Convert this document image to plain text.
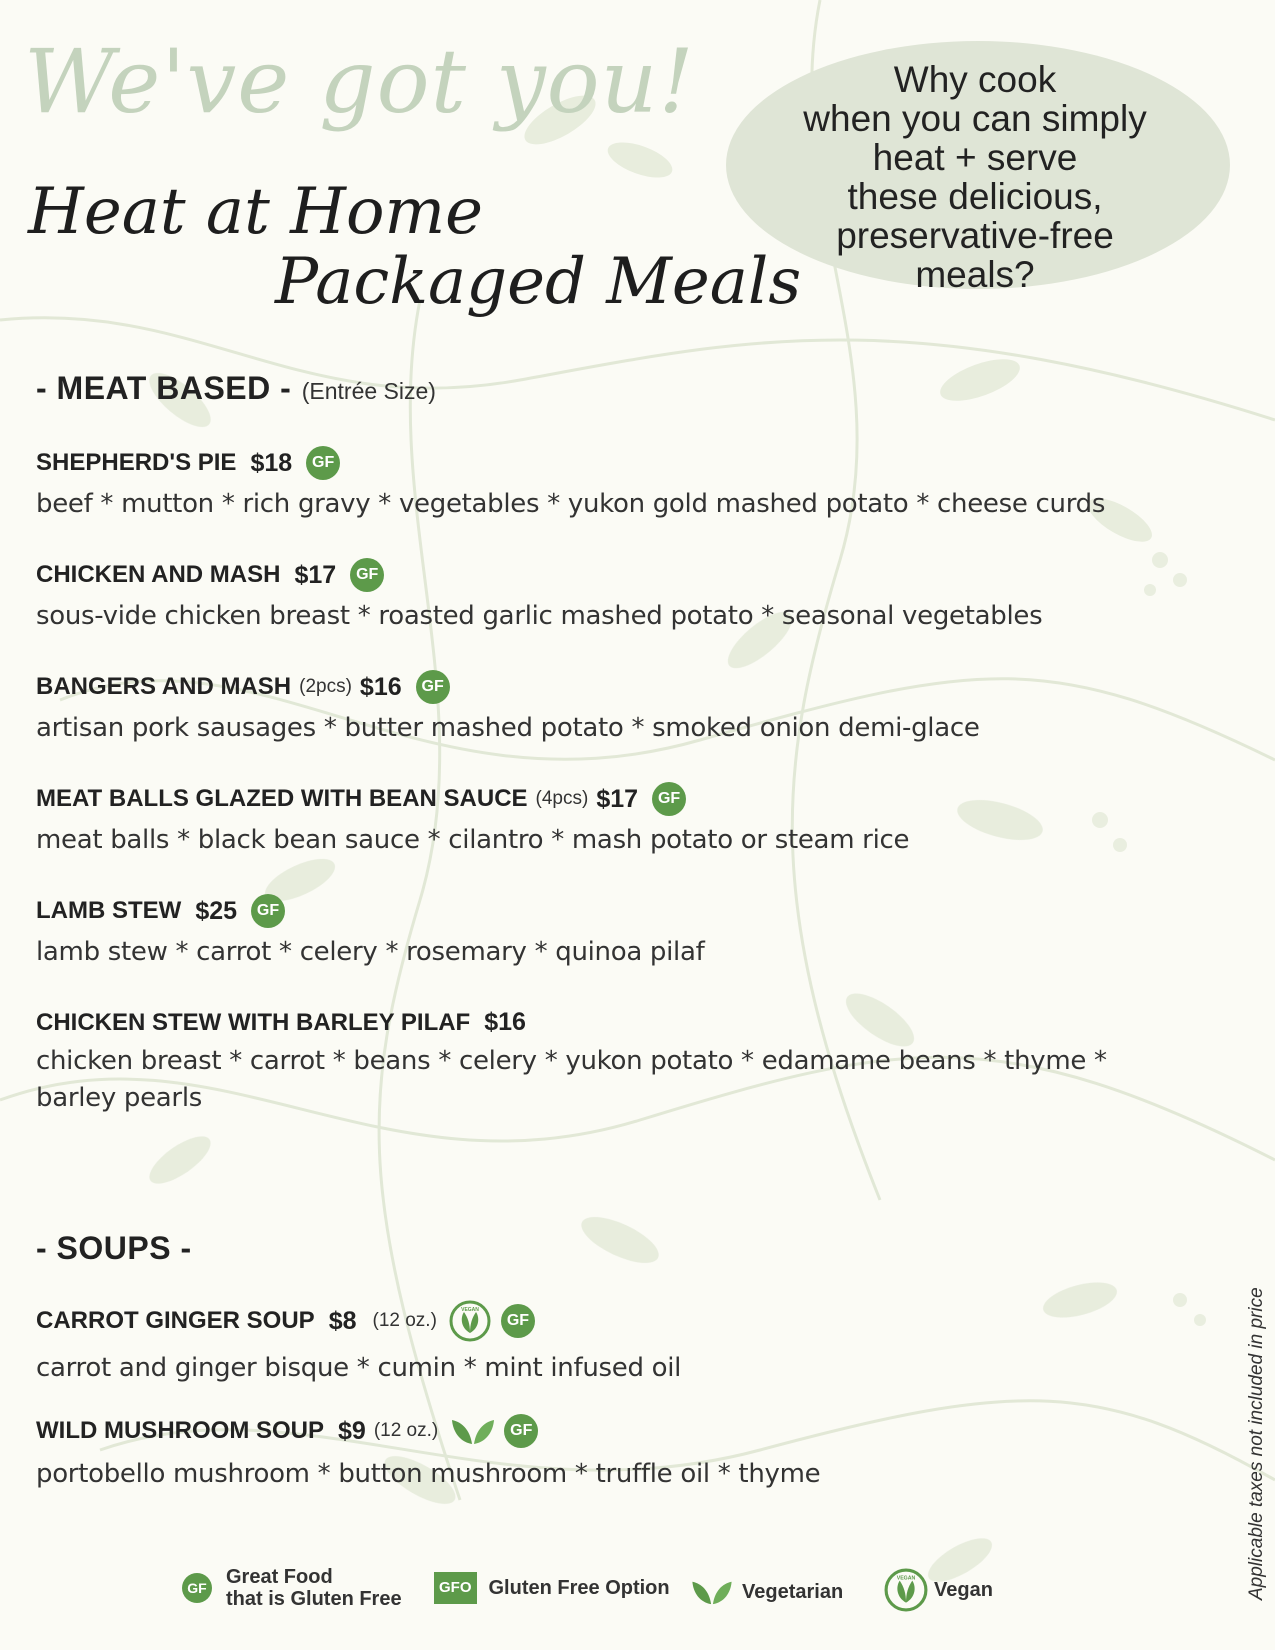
We've got you!
Heat at Home
Packaged Meals
Why cook
when you can simply
heat + serve
these delicious,
preservative-free
meals?
- MEAT BASED - (Entrée Size)
SHEPHERD'S PIE $18	GF
beef * mutton * rich gravy * vegetables * yukon gold mashed potato * cheese curds
CHICKEN AND MASH $17	GF
sous-vide chicken breast * roasted garlic mashed potato * seasonal vegetables
BANGERS AND MASH (2pcs) $16	GF
artisan pork sausages * butter mashed potato * smoked onion demi-glace
MEAT BALLS GLAZED WITH BEAN SAUCE (4pcs) $17	GF
meat balls * black bean sauce * cilantro * mash potato or steam rice
LAMB STEW $25	GF
lamb stew * carrot * celery * rosemary * quinoa pilaf
CHICKEN STEW WITH BARLEY PILAF $16
chicken breast * carrot * beans * celery * yukon potato * edamame beans * thyme * barley pearls
- SOUPS -
CARROT GINGER SOUP $8 (12 oz.)	VEGAN
GF
carrot and ginger bisque * cumin * mint infused oil
WILD MUSHROOM SOUP $9 (12 oz.)	GF
portobello mushroom * button mushroom * truffle oil * thyme	Applicable taxes not included in price
GF Great Food
that is Gluten Free
GFO Gluten Free Option	Vegetarian
VEGAN Vegan
